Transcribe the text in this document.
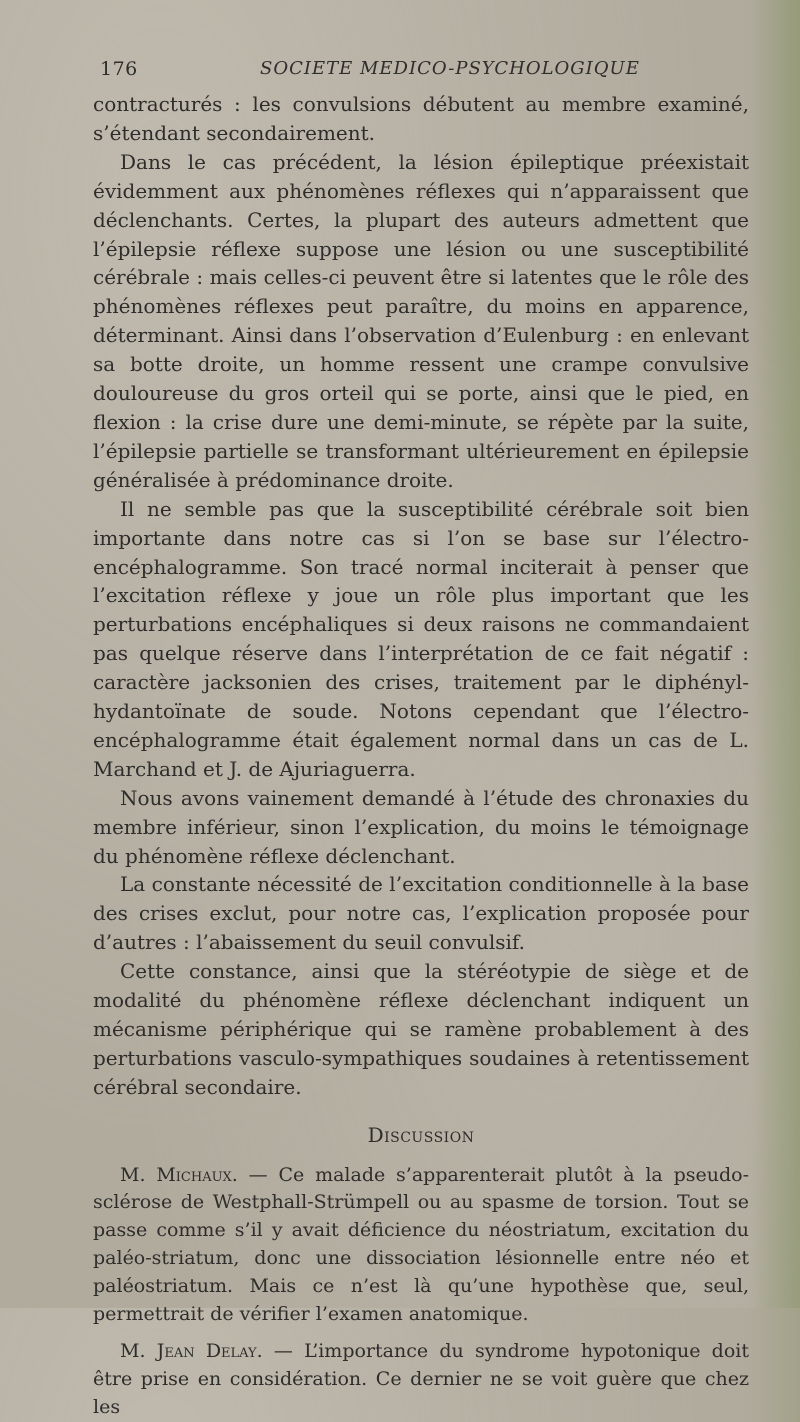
176	SOCIETE MEDICO-PSYCHOLOGIQUE

contracturés : les convulsions débutent au membre examiné, s’étendant secondairement.

Dans le cas précédent, la lésion épileptique préexistait évidemment aux phénomènes réflexes qui n’apparaissent que déclenchants. Certes, la plupart des auteurs admettent que l’épilepsie réflexe suppose une lésion ou une susceptibilité cérébrale : mais celles-ci peuvent être si latentes que le rôle des phénomènes réflexes peut paraître, du moins en apparence, déterminant. Ainsi dans l’observation d’Eulenburg : en enlevant sa botte droite, un homme ressent une crampe convulsive douloureuse du gros orteil qui se porte, ainsi que le pied, en flexion : la crise dure une demi-minute, se répète par la suite, l’épilepsie partielle se transformant ultérieurement en épilepsie généralisée à prédominance droite.

Il ne semble pas que la susceptibilité cérébrale soit bien importante dans notre cas si l’on se base sur l’électro-encéphalogramme. Son tracé normal inciterait à penser que l’excitation réflexe y joue un rôle plus important que les perturbations encéphaliques si deux raisons ne commandaient pas quelque réserve dans l’interprétation de ce fait négatif : caractère jacksonien des crises, traitement par le diphényl-hydantoïnate de soude. Notons cependant que l’électro-encéphalogramme était également normal dans un cas de L. Marchand et J. de Ajuriaguerra.

Nous avons vainement demandé à l’étude des chronaxies du membre inférieur, sinon l’explication, du moins le témoignage du phénomène réflexe déclenchant.

La constante nécessité de l’excitation conditionnelle à la base des crises exclut, pour notre cas, l’explication proposée pour d’autres : l’abaissement du seuil convulsif.

Cette constance, ainsi que la stéréotypie de siège et de modalité du phénomène réflexe déclenchant indiquent un mécanisme périphérique qui se ramène probablement à des perturbations vasculo-sympathiques soudaines à retentissement cérébral secondaire.

Discussion

M. Michaux. — Ce malade s’apparenterait plutôt à la pseudo-sclérose de Westphall-Strümpell ou au spasme de torsion. Tout se passe comme s’il y avait déficience du néostriatum, excitation du paléo-striatum, donc une dissociation lésionnelle entre néo et paléostriatum. Mais ce n’est là qu’une hypothèse que, seul, permettrait de vérifier l’examen anatomique.

M. Jean Delay. — L’importance du syndrome hypotonique doit être prise en considération. Ce dernier ne se voit guère que chez les
